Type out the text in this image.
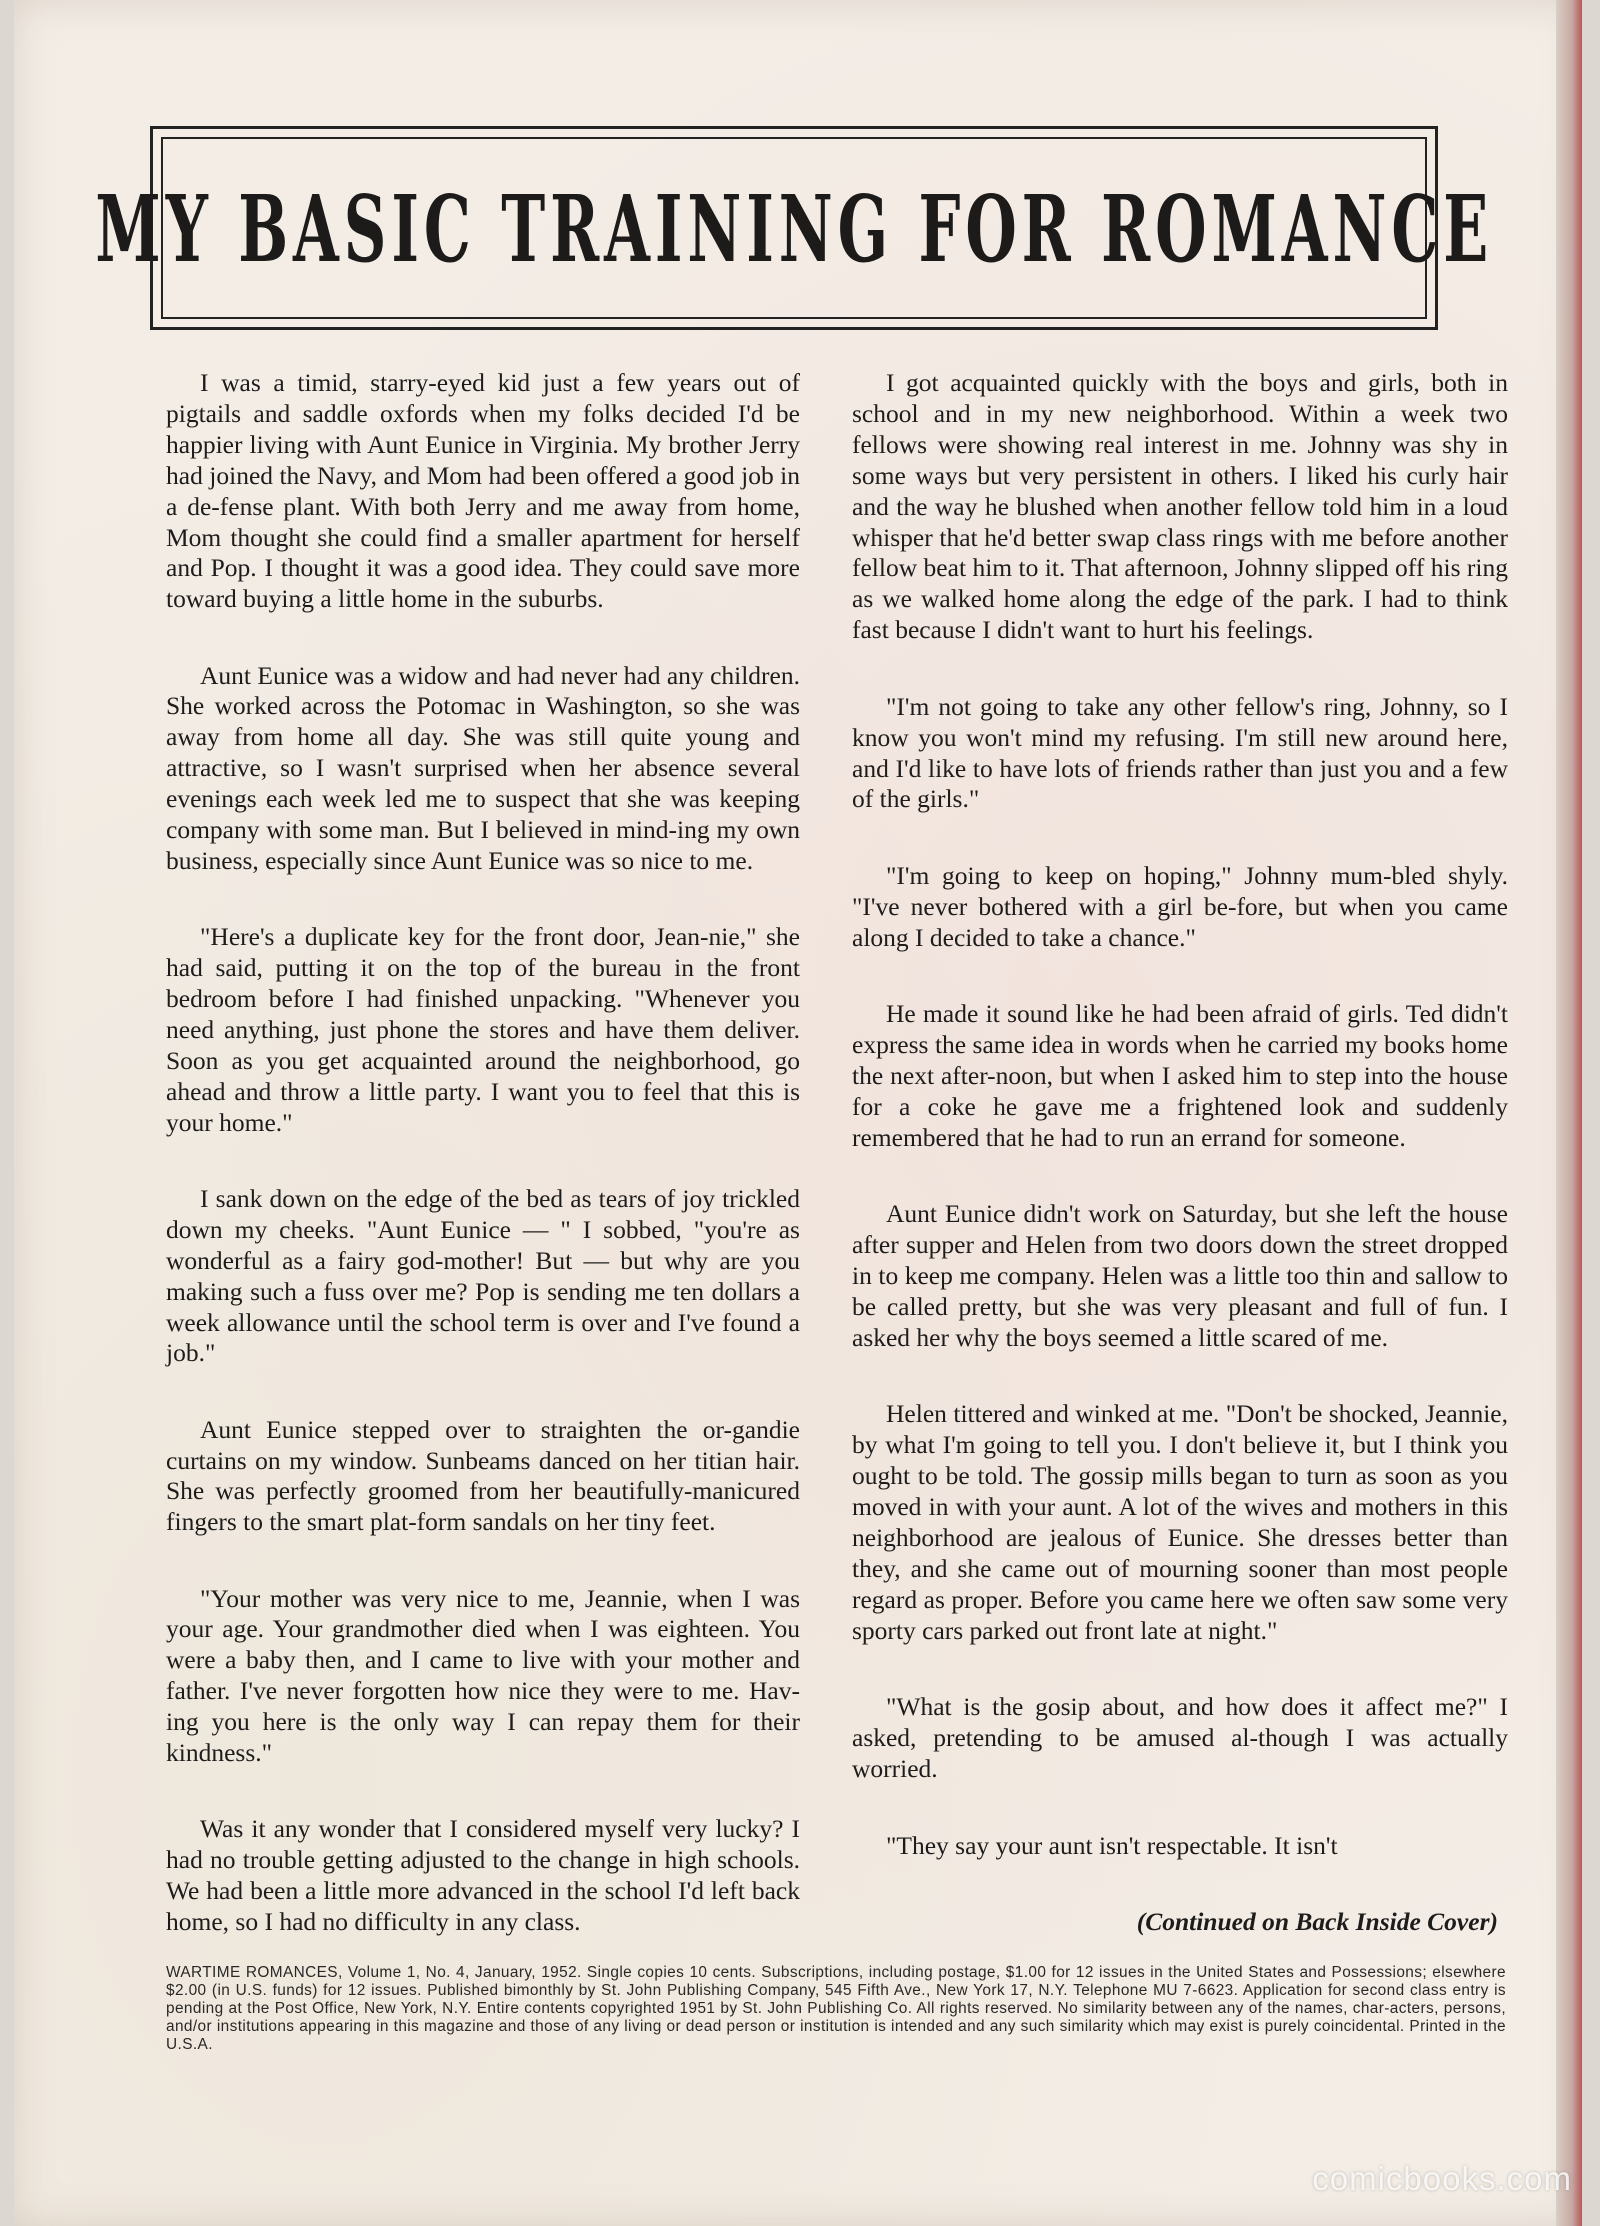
MY BASIC TRAINING FOR ROMANCE

I was a timid, starry-eyed kid just a few years out of pigtails and saddle oxfords when my folks decided I'd be happier living with Aunt Eunice in Virginia. My brother Jerry had joined the Navy, and Mom had been offered a good job in a de-fense plant. With both Jerry and me away from home, Mom thought she could find a smaller apartment for herself and Pop. I thought it was a good idea. They could save more toward buying a little home in the suburbs.

Aunt Eunice was a widow and had never had any children. She worked across the Potomac in Washington, so she was away from home all day. She was still quite young and attractive, so I wasn't surprised when her absence several evenings each week led me to suspect that she was keeping company with some man. But I believed in mind-ing my own business, especially since Aunt Eunice was so nice to me.

"Here's a duplicate key for the front door, Jean-nie," she had said, putting it on the top of the bureau in the front bedroom before I had finished unpacking. "Whenever you need anything, just phone the stores and have them deliver. Soon as you get acquainted around the neighborhood, go ahead and throw a little party. I want you to feel that this is your home."

I sank down on the edge of the bed as tears of joy trickled down my cheeks. "Aunt Eunice — " I sobbed, "you're as wonderful as a fairy god-mother! But — but why are you making such a fuss over me? Pop is sending me ten dollars a week allowance until the school term is over and I've found a job."

Aunt Eunice stepped over to straighten the or-gandie curtains on my window. Sunbeams danced on her titian hair. She was perfectly groomed from her beautifully-manicured fingers to the smart plat-form sandals on her tiny feet.

"Your mother was very nice to me, Jeannie, when I was your age. Your grandmother died when I was eighteen. You were a baby then, and I came to live with your mother and father. I've never forgotten how nice they were to me. Hav-ing you here is the only way I can repay them for their kindness."

Was it any wonder that I considered myself very lucky? I had no trouble getting adjusted to the change in high schools. We had been a little more advanced in the school I'd left back home, so I had no difficulty in any class.

I got acquainted quickly with the boys and girls, both in school and in my new neighborhood. Within a week two fellows were showing real interest in me. Johnny was shy in some ways but very persistent in others. I liked his curly hair and the way he blushed when another fellow told him in a loud whisper that he'd better swap class rings with me before another fellow beat him to it. That afternoon, Johnny slipped off his ring as we walked home along the edge of the park. I had to think fast because I didn't want to hurt his feelings.

"I'm not going to take any other fellow's ring, Johnny, so I know you won't mind my refusing. I'm still new around here, and I'd like to have lots of friends rather than just you and a few of the girls."

"I'm going to keep on hoping," Johnny mum-bled shyly. "I've never bothered with a girl be-fore, but when you came along I decided to take a chance."

He made it sound like he had been afraid of girls. Ted didn't express the same idea in words when he carried my books home the next after-noon, but when I asked him to step into the house for a coke he gave me a frightened look and suddenly remembered that he had to run an errand for someone.

Aunt Eunice didn't work on Saturday, but she left the house after supper and Helen from two doors down the street dropped in to keep me company. Helen was a little too thin and sallow to be called pretty, but she was very pleasant and full of fun. I asked her why the boys seemed a little scared of me.

Helen tittered and winked at me. "Don't be shocked, Jeannie, by what I'm going to tell you. I don't believe it, but I think you ought to be told. The gossip mills began to turn as soon as you moved in with your aunt. A lot of the wives and mothers in this neighborhood are jealous of Eunice. She dresses better than they, and she came out of mourning sooner than most people regard as proper. Before you came here we often saw some very sporty cars parked out front late at night."

"What is the gosip about, and how does it affect me?" I asked, pretending to be amused al-though I was actually worried.

"They say your aunt isn't respectable. It isn't

(Continued on Back Inside Cover)

WARTIME ROMANCES, Volume 1, No. 4, January, 1952. Single copies 10 cents. Subscriptions, including postage, $1.00 for 12 issues in the United States and Possessions; elsewhere $2.00 (in U.S. funds) for 12 issues. Published bimonthly by St. John Publishing Company, 545 Fifth Ave., New York 17, N.Y. Telephone MU 7-6623. Application for second class entry is pending at the Post Office, New York, N.Y. Entire contents copyrighted 1951 by St. John Publishing Co. All rights reserved. No similarity between any of the names, char-acters, persons, and/or institutions appearing in this magazine and those of any living or dead person or institution is intended and any such similarity which may exist is purely coincidental. Printed in the U.S.A.

comicbooks.com
